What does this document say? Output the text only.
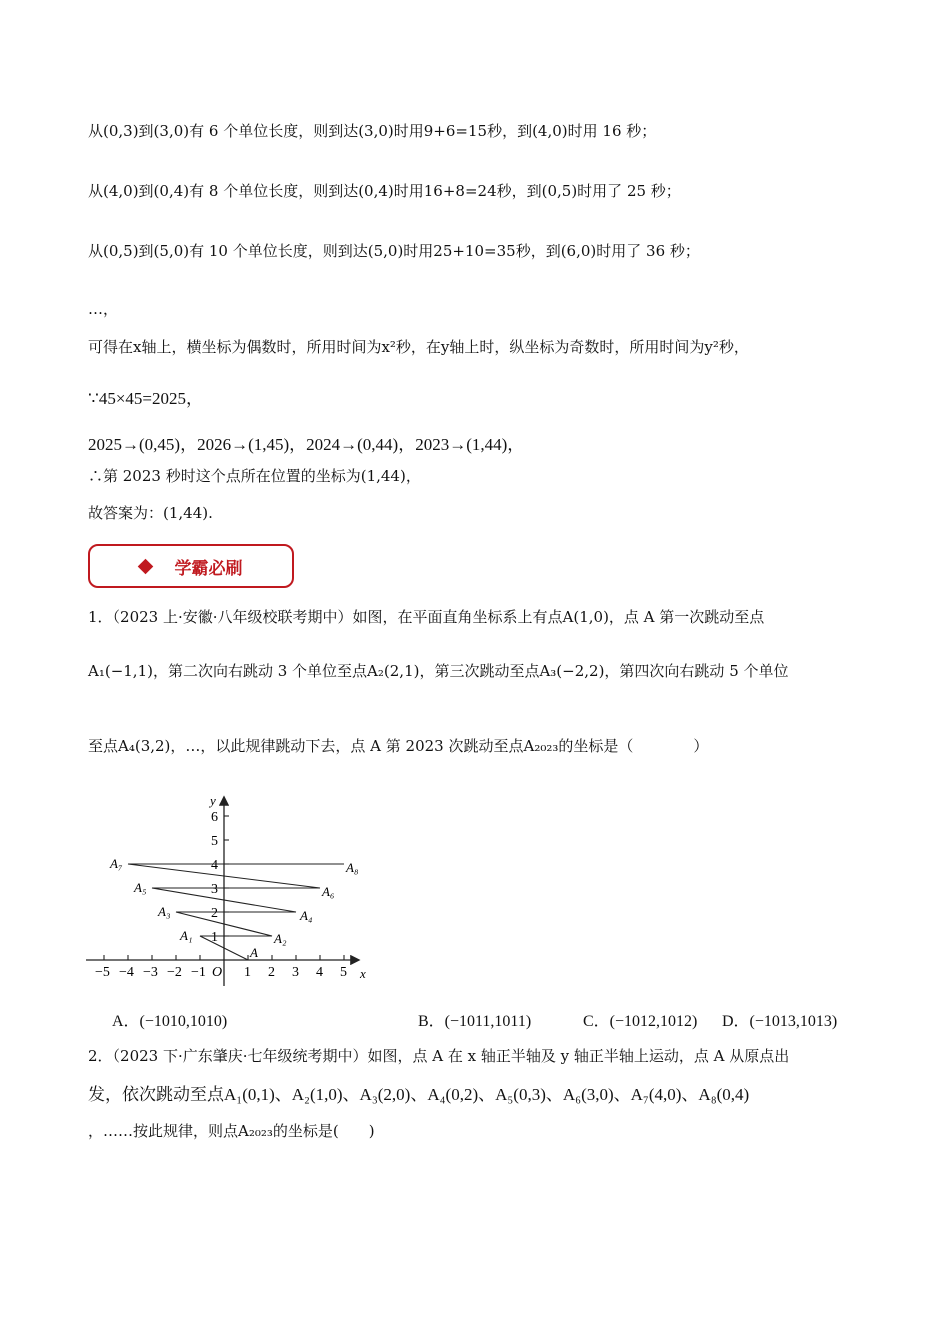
从(0,3)到(3,0)有 6 个单位长度，则到达(3,0)时用9+6=15秒，到(4,0)时用 16 秒；
从(4,0)到(0,4)有 8 个单位长度，则到达(0,4)时用16+8=24秒，到(0,5)时用了 25 秒；
从(0,5)到(5,0)有 10 个单位长度，则到达(5,0)时用25+10=35秒，到(6,0)时用了 36 秒；
…，
可得在x轴上，横坐标为偶数时，所用时间为x²秒，在y轴上时，纵坐标为奇数时，所用时间为y²秒，
∵45×45=2025，
2025→(0,45)，2026→(1,45)，2024→(0,44)，2023→(1,44)，
∴第 2023 秒时这个点所在位置的坐标为(1,44)，
故答案为：(1,44).
学霸必刷
1．（2023 上·安徽·八年级校联考期中）如图，在平面直角坐标系上有点A(1,0)，点 A 第一次跳动至点
A₁(−1,1)，第二次向右跳动 3 个单位至点A₂(2,1)，第三次跳动至点A₃(−2,2)，第四次向右跳动 5 个单位
至点A₄(3,2)，…，以此规律跳动下去，点 A 第 2023 次跳动至点A₂₀₂₃的坐标是（　　　　）
−5 −4 −3 −2 −1 O 1 2 3 4 5
1
2
3
4
5
6
A
A₁	A₂
A₃	A₄
A₅	A₆
A₇	A₈
x
y
A．(−1010,1010)	B．(−1011,1011)	C．(−1012,1012) D．(−1013,1013)
2．（2023 下·广东肇庆·七年级统考期中）如图，点 A 在 x 轴正半轴及 y 轴正半轴上运动，点 A 从原点出
发，依次跳动至点A₁(0,1)、A₂(1,0)、A₃(2,0)、A₄(0,2)、A₅(0,3)、A₆(3,0)、A₇(4,0)、A₈(0,4)
，……按此规律，则点A₂₀₂₃的坐标是(　　)
